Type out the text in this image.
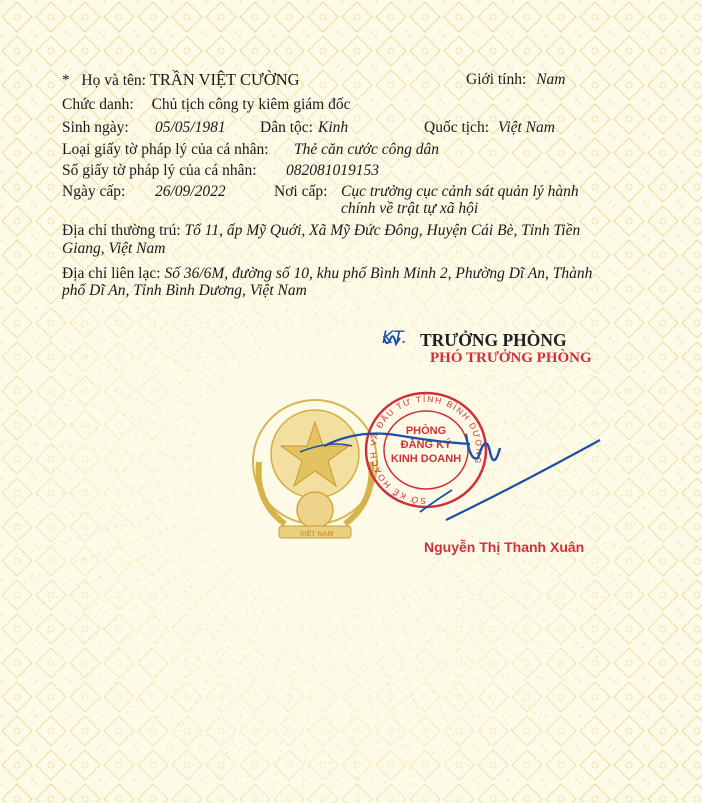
VIỆT NAM
* Họ và tên: TRẦN VIỆT CƯỜNG	Giới tính: Nam
Chức danh: Chủ tịch công ty kiêm giám đốc
Sinh ngày: 05/05/1981 Dân tộc: Kinh	Quốc tịch: Việt Nam
Loại giấy tờ pháp lý của cá nhân: Thẻ căn cước công dân
Số giấy tờ pháp lý của cá nhân: 082081019153
Ngày cấp: 26/09/2022	Nơi cấp: Cục trưởng cục cảnh sát quản lý hành
chính về trật tự xã hội
Địa chỉ thường trú: Tổ 11, ấp Mỹ Quới, Xã Mỹ Đức Đông, Huyện Cái Bè, Tỉnh Tiền
Giang, Việt Nam
Địa chỉ liên lạc: Số 36/6M, đường số 10, khu phố Bình Minh 2, Phường Dĩ An, Thành
phố Dĩ An, Tỉnh Bình Dương, Việt Nam
KT. TRƯỞNG PHÒNG
PHÓ TRƯỞNG PHÒNG
SỞ KẾ HOẠCH VÀ ĐẦU TƯ TỈNH BÌNH DƯƠNG
PHÒNG
ĐĂNG KÝ
KINH DOANH
Nguyễn Thị Thanh Xuân
